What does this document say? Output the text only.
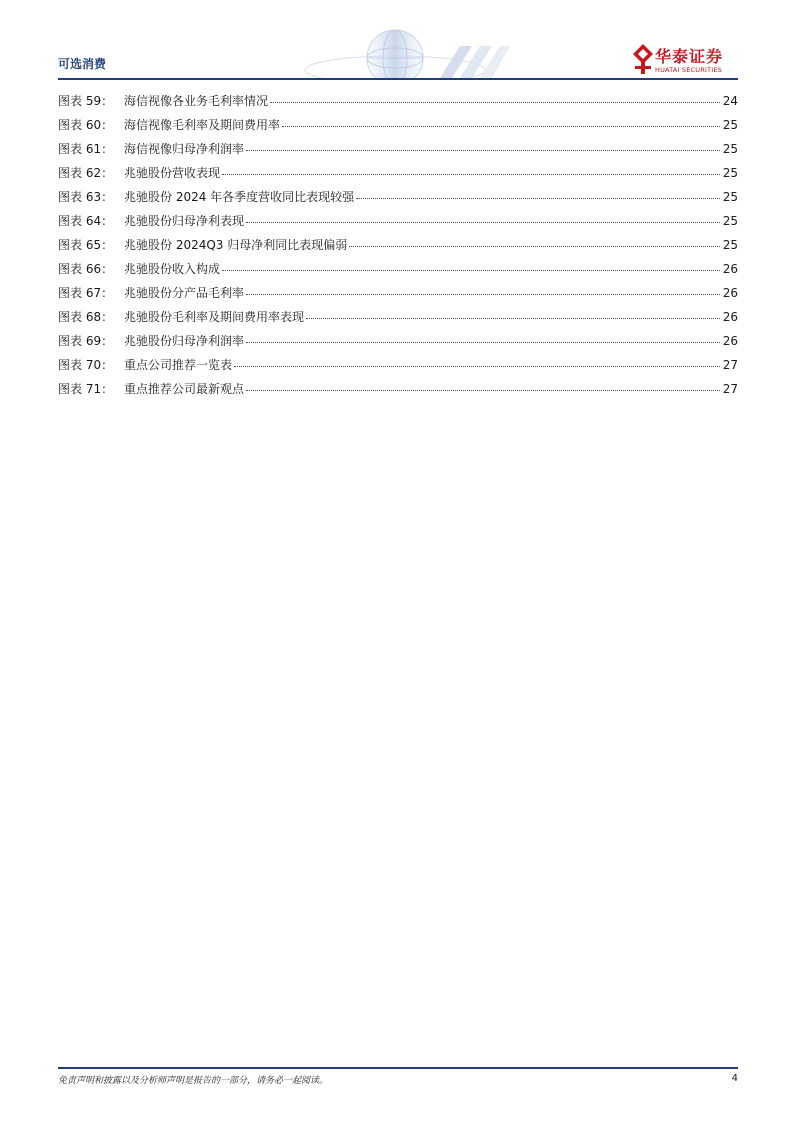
可选消费	华泰证券
HUATAI SECURITIES
图表 59： 海信视像各业务毛利率情况	24
图表 60： 海信视像毛利率及期间费用率	25
图表 61： 海信视像归母净利润率	25
图表 62： 兆驰股份营收表现	25
图表 63： 兆驰股份 2024 年各季度营收同比表现较强	25
图表 64： 兆驰股份归母净利表现	25
图表 65： 兆驰股份 2024Q3 归母净利同比表现偏弱	25
图表 66： 兆驰股份收入构成	26
图表 67： 兆驰股份分产品毛利率	26
图表 68： 兆驰股份毛利率及期间费用率表现	26
图表 69： 兆驰股份归母净利润率	26
图表 70： 重点公司推荐一览表	27
图表 71： 重点推荐公司最新观点	27
免责声明和披露以及分析师声明是报告的一部分，请务必一起阅读。	4
